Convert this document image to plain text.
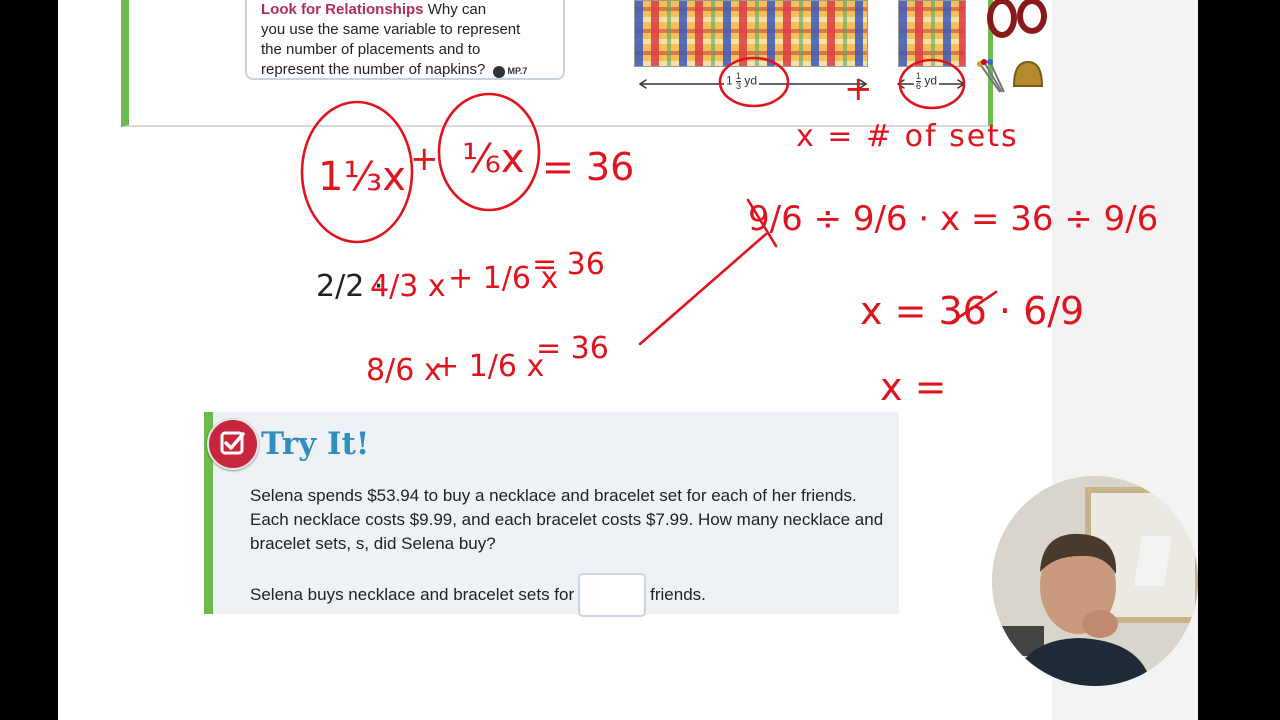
Look for Relationships Why can
you use the same variable to represent
the number of placements and to
represent the number of napkins? MP.7
$1 \frac{1}{3}$ yd	$\frac{1}{6}$ yd
+
x = # of sets
1⅓x + ⅙x = 36
2/2 ·
4/3 x + 1/6 x
= 36
8/6 x
+ 1/6 x
= 36
9/6 ÷ 9/6 · x = 36 ÷ 9/6
x = 36 · 6/9
x =
Try It!
Selena spends $53.94 to buy a necklace and bracelet set for each of her friends. Each necklace costs $9.99, and each bracelet costs $7.99. How many necklace and bracelet sets, s, did Selena buy?
Selena buys necklace and bracelet sets for	friends.
